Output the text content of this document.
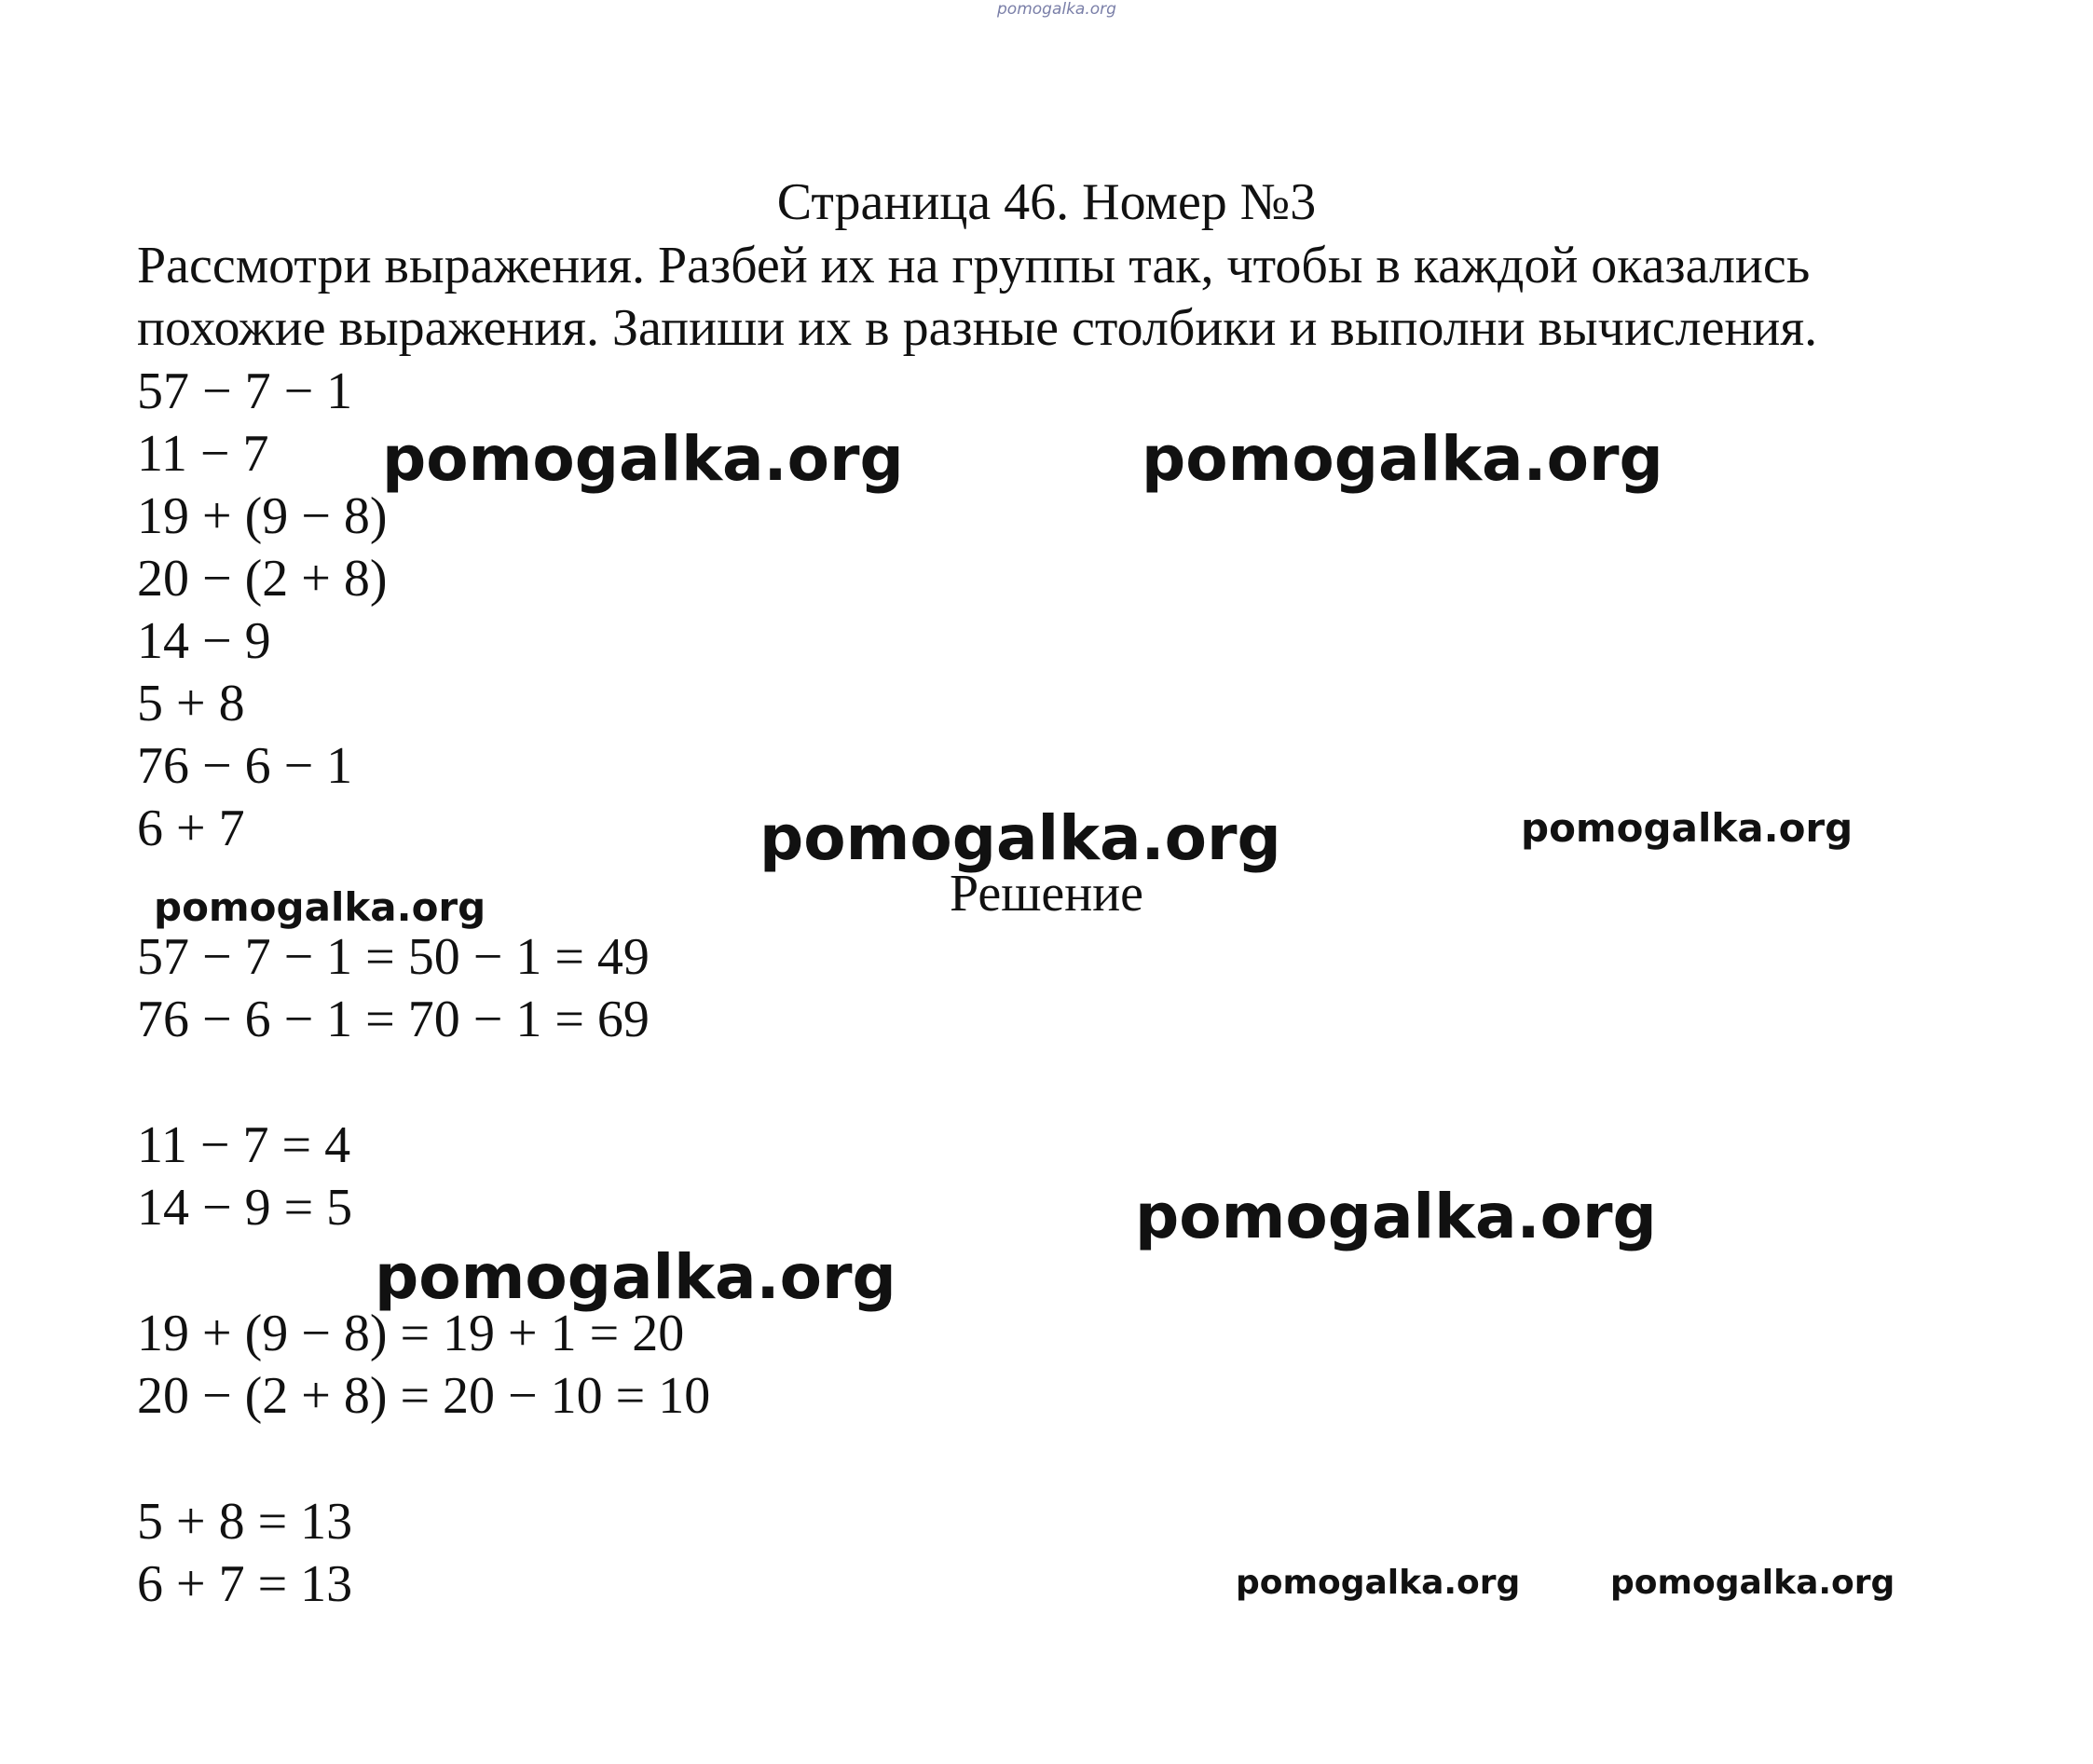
pomogalka.org
Страница 46. Номер №3
Рассмотри выражения. Разбей их на группы так, чтобы в каждой оказались
похожие выражения. Запиши их в разные столбики и выполни вычисления.
57 − 7 − 1
11 − 7
19 + (9 − 8)
20 − (2 + 8)
14 − 9
5 + 8
76 − 6 − 1
6 + 7
Решение
57 − 7 − 1 = 50 − 1 = 49
76 − 6 − 1 = 70 − 1 = 69
11 − 7 = 4
14 − 9 = 5
19 + (9 − 8) = 19 + 1 = 20
20 − (2 + 8) = 20 − 10 = 10
5 + 8 = 13
6 + 7 = 13
pomogalka.org	pomogalka.org
pomogalka.org	pomogalka.org
pomogalka.org
pomogalka.org
pomogalka.org
pomogalka.org	pomogalka.org
